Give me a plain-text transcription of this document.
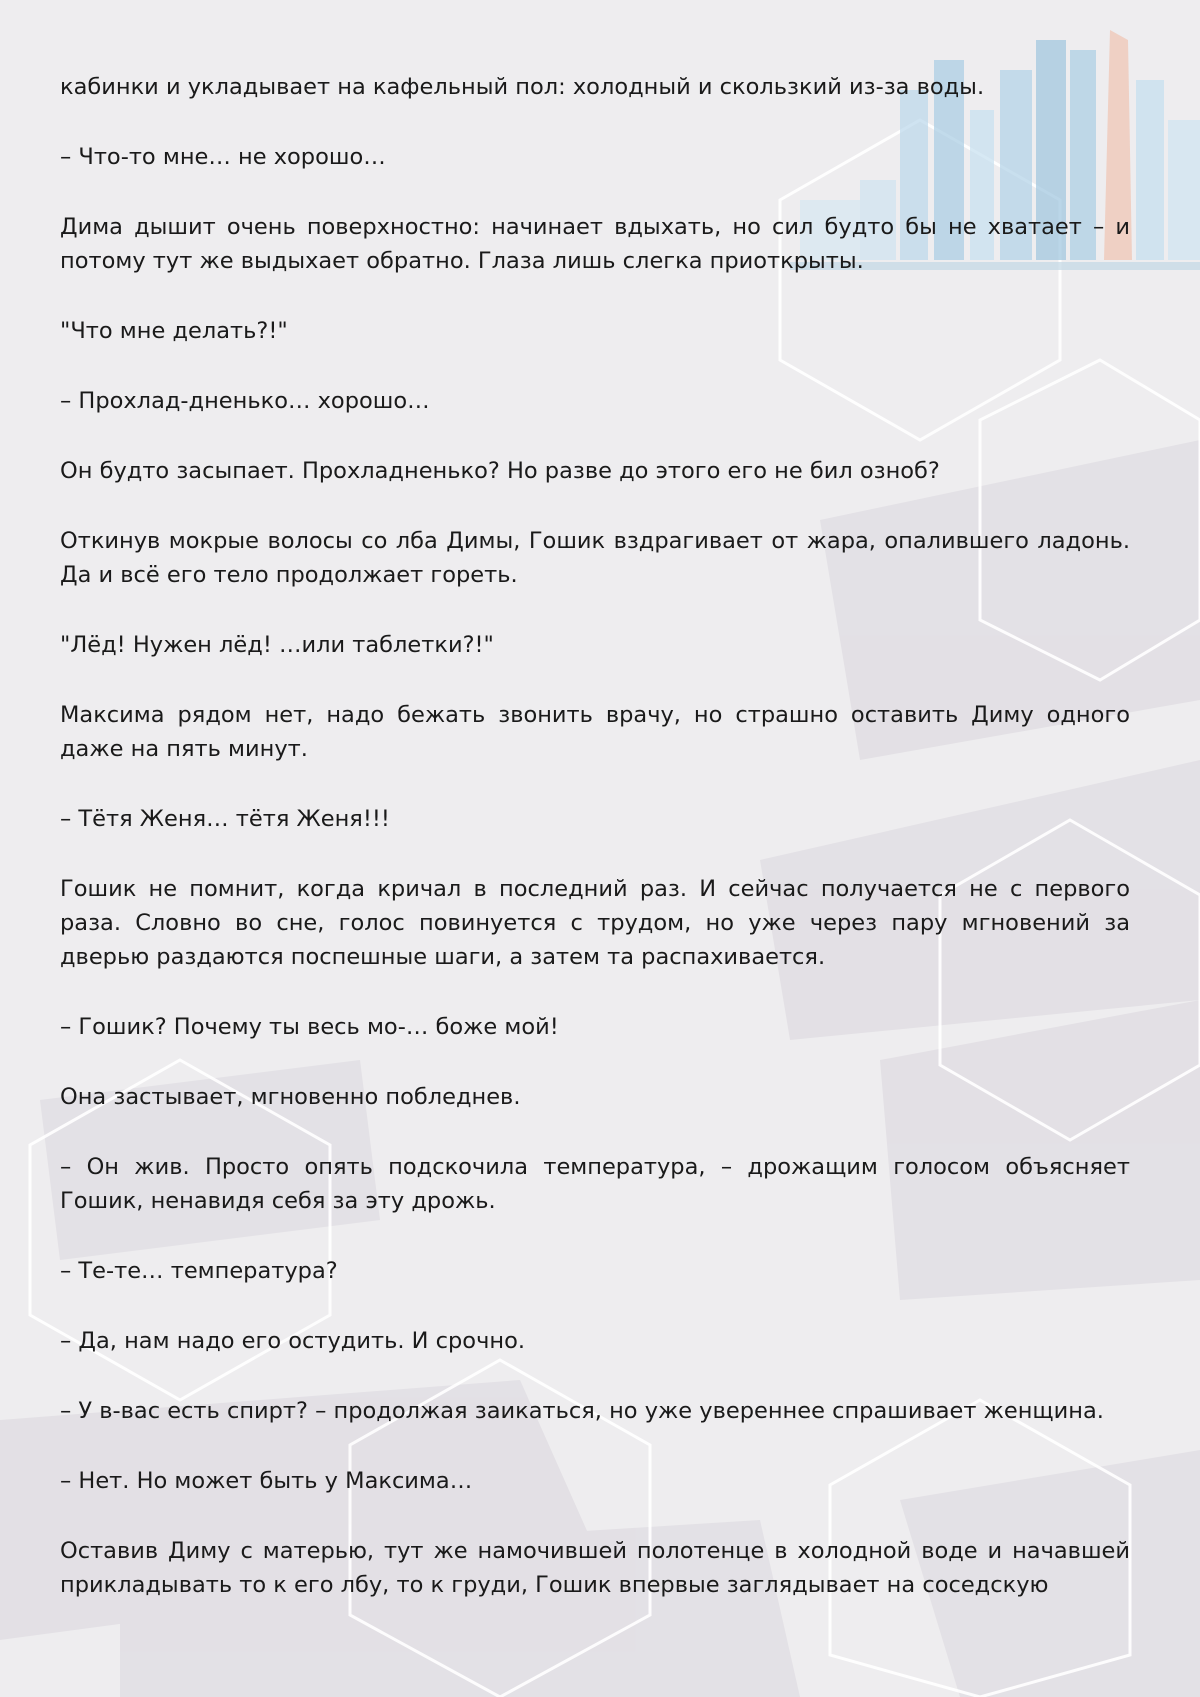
кабинки и укладывает на кафельный пол: холодный и скользкий из-за воды.

– Что-то мне… не хорошо…

Дима дышит очень поверхностно: начинает вдыхать, но сил будто бы не хватает – и потому тут же выдыхает обратно. Глаза лишь слегка приоткрыты.

"Что мне делать?!"

– Прохлад-дненько… хорошо…

Он будто засыпает. Прохладненько? Но разве до этого его не бил озноб?

Откинув мокрые волосы со лба Димы, Гошик вздрагивает от жара, опалившего ладонь. Да и всё его тело продолжает гореть.

"Лёд! Нужен лёд! …или таблетки?!"

Максима рядом нет, надо бежать звонить врачу, но страшно оставить Диму одного даже на пять минут.

– Тётя Женя… тётя Женя!!!

Гошик не помнит, когда кричал в последний раз. И сейчас получается не с первого раза. Словно во сне, голос повинуется с трудом, но уже через пару мгновений за дверью раздаются поспешные шаги, а затем та распахивается.

– Гошик? Почему ты весь мо-… боже мой!

Она застывает, мгновенно побледнев.

– Он жив. Просто опять подскочила температура, – дрожащим голосом объясняет Гошик, ненавидя себя за эту дрожь.

– Те-те… температура?

– Да, нам надо его остудить. И срочно.

– У в-вас есть спирт? – продолжая заикаться, но уже увереннее спрашивает женщина.

– Нет. Но может быть у Максима…

Оставив Диму с матерью, тут же намочившей полотенце в холодной воде и начавшей прикладывать то к его лбу, то к груди, Гошик впервые заглядывает на соседскую
